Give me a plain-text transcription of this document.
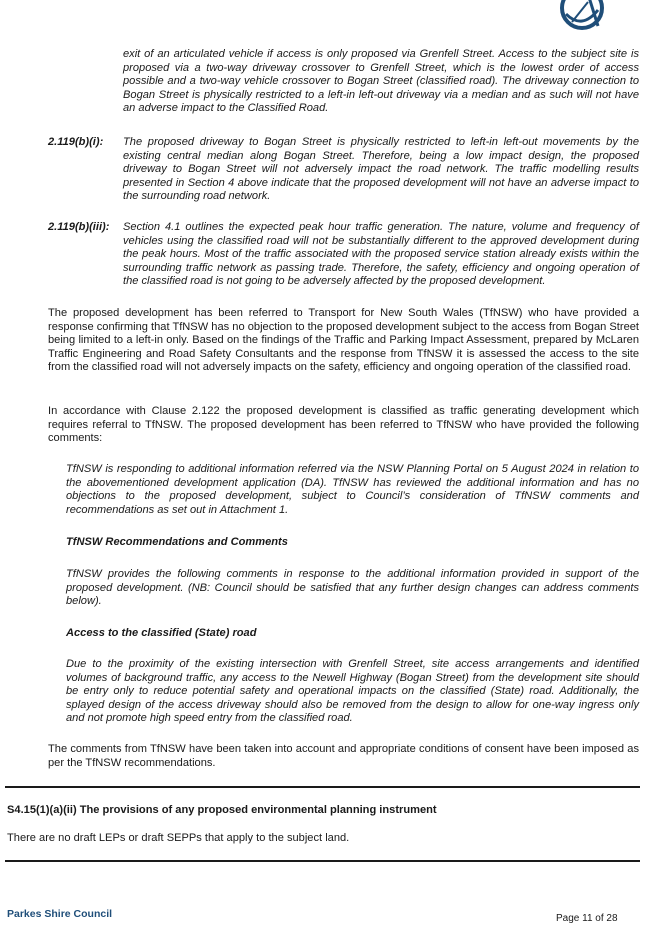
exit of an articulated vehicle if access is only proposed via Grenfell Street. Access to the subject site is proposed via a two-way driveway crossover to Grenfell Street, which is the lowest order of access possible and a two-way vehicle crossover to Bogan Street (classified road). The driveway connection to Bogan Street is physically restricted to a left-in left-out driveway via a median and as such will not have an adverse impact to the Classified Road.
2.119(b)(i): The proposed driveway to Bogan Street is physically restricted to left-in left-out movements by the existing central median along Bogan Street. Therefore, being a low impact design, the proposed driveway to Bogan Street will not adversely impact the road network. The traffic modelling results presented in Section 4 above indicate that the proposed development will not have an adverse impact to the surrounding road network.
2.119(b)(iii): Section 4.1 outlines the expected peak hour traffic generation. The nature, volume and frequency of vehicles using the classified road will not be substantially different to the approved development during the peak hours. Most of the traffic associated with the proposed service station already exists within the surrounding traffic network as passing trade. Therefore, the safety, efficiency and ongoing operation of the classified road is not going to be adversely affected by the proposed development.
The proposed development has been referred to Transport for New South Wales (TfNSW) who have provided a response confirming that TfNSW has no objection to the proposed development subject to the access from Bogan Street being limited to a left-in only. Based on the findings of the Traffic and Parking Impact Assessment, prepared by McLaren Traffic Engineering and Road Safety Consultants and the response from TfNSW it is assessed the access to the site from the classified road will not adversely impacts on the safety, efficiency and ongoing operation of the classified road.
In accordance with Clause 2.122 the proposed development is classified as traffic generating development which requires referral to TfNSW. The proposed development has been referred to TfNSW who have provided the following comments:
TfNSW is responding to additional information referred via the NSW Planning Portal on 5 August 2024 in relation to the abovementioned development application (DA). TfNSW has reviewed the additional information and has no objections to the proposed development, subject to Council’s consideration of TfNSW comments and recommendations as set out in Attachment 1.
TfNSW Recommendations and Comments
TfNSW provides the following comments in response to the additional information provided in support of the proposed development. (NB: Council should be satisfied that any further design changes can address comments below).
Access to the classified (State) road
Due to the proximity of the existing intersection with Grenfell Street, site access arrangements and identified volumes of background traffic, any access to the Newell Highway (Bogan Street) from the development site should be entry only to reduce potential safety and operational impacts on the classified (State) road. Additionally, the splayed design of the access driveway should also be removed from the design to allow for one-way ingress only and not promote high speed entry from the classified road.
The comments from TfNSW have been taken into account and appropriate conditions of consent have been imposed as per the TfNSW recommendations.
S4.15(1)(a)(ii) The provisions of any proposed environmental planning instrument
There are no draft LEPs or draft SEPPs that apply to the subject land.
Parkes Shire Council	Page 11 of 28
